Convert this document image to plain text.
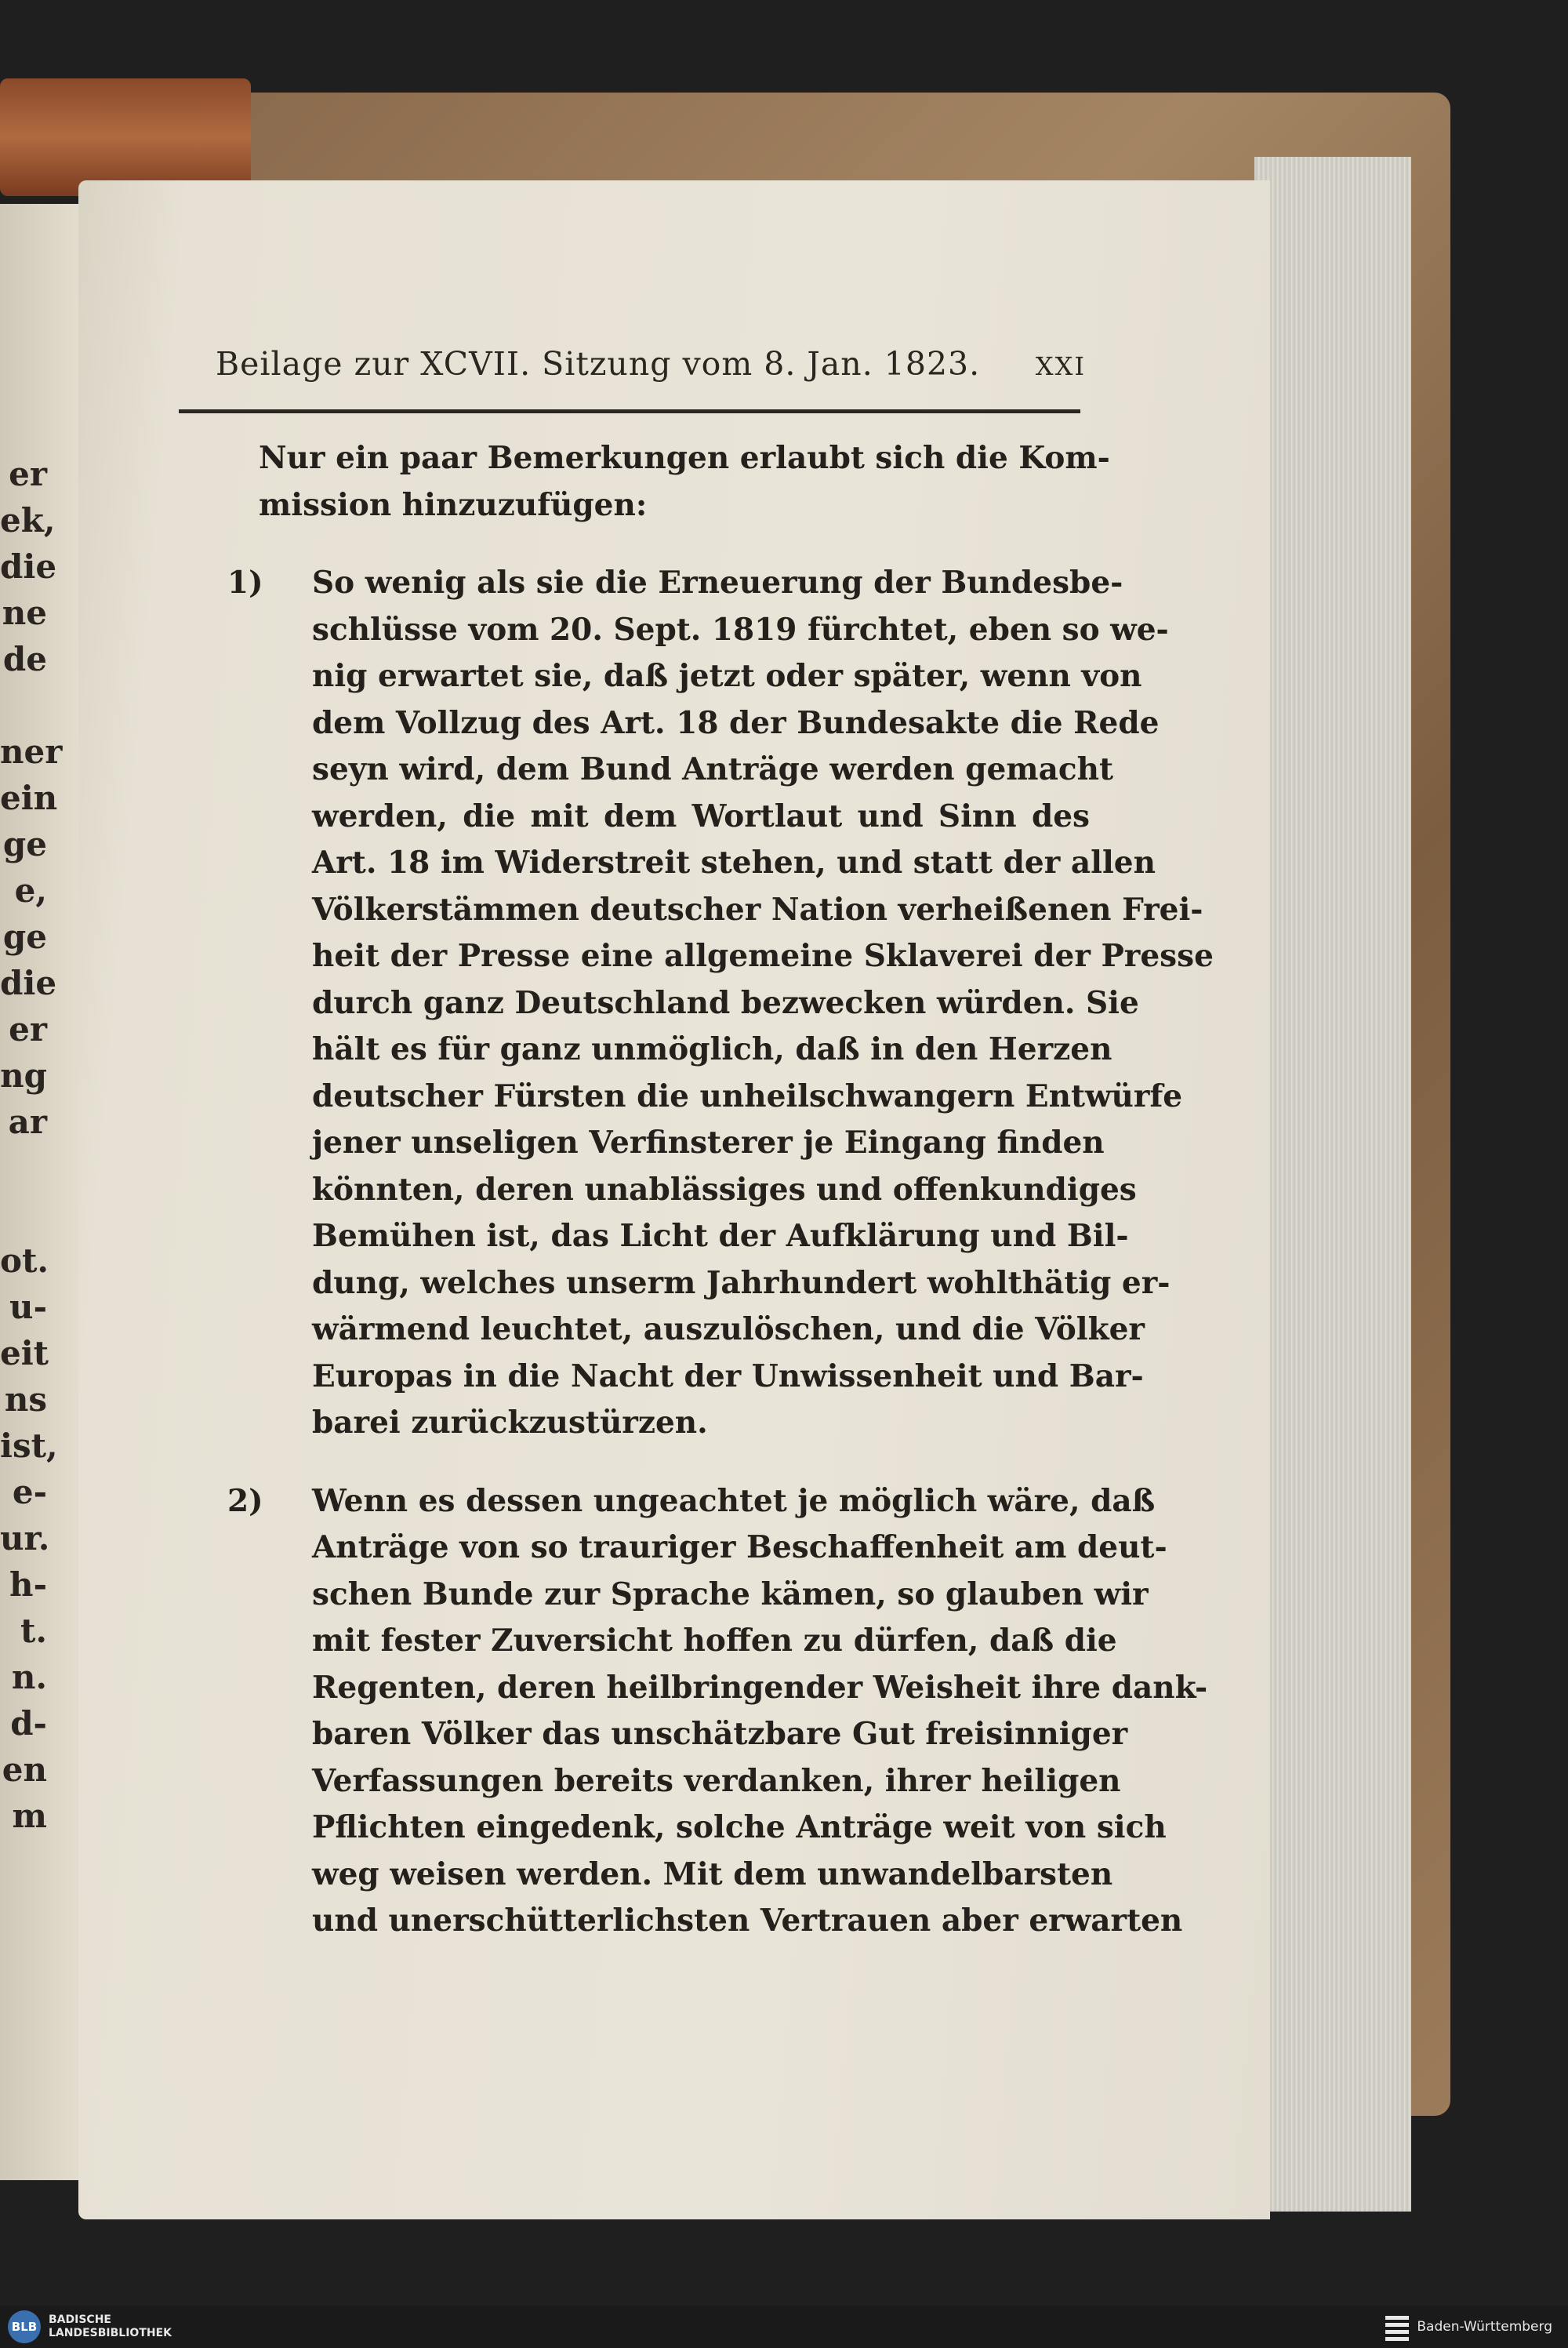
er
ek,
die
ne
de

ner
ein
ge
e,
ge
die
er
ng
ar

ot.
u-
eit
ns
ist,
e-
ur.
h-
t.
n.
d-
en
m
Beilage zur XCVII. Sitzung vom 8. Jan. 1823. XXI
Nur ein paar Bemerkungen erlaubt sich die Kom-
mission hinzuzufügen:
1)	So wenig als sie die Erneuerung der Bundesbe-
schlüsse vom 20. Sept. 1819 fürchtet, eben so we-
nig erwartet sie, daß jetzt oder später, wenn von
dem Vollzug des Art. 18 der Bundesakte die Rede
seyn wird, dem Bund Anträge werden gemacht
werden, die mit dem Wortlaut und Sinn des
Art. 18 im Widerstreit stehen, und statt der allen
Völkerstämmen deutscher Nation verheißenen Frei-
heit der Presse eine allgemeine Sklaverei der Presse
durch ganz Deutschland bezwecken würden. Sie
hält es für ganz unmöglich, daß in den Herzen
deutscher Fürsten die unheilschwangern Entwürfe
jener unseligen Verfinsterer je Eingang finden
könnten, deren unablässiges und offenkundiges
Bemühen ist, das Licht der Aufklärung und Bil-
dung, welches unserm Jahrhundert wohlthätig er-
wärmend leuchtet, auszulöschen, und die Völker
Europas in die Nacht der Unwissenheit und Bar-
barei zurückzustürzen.
2)	Wenn es dessen ungeachtet je möglich wäre, daß
Anträge von so trauriger Beschaffenheit am deut-
schen Bunde zur Sprache kämen, so glauben wir
mit fester Zuversicht hoffen zu dürfen, daß die
Regenten, deren heilbringender Weisheit ihre dank-
baren Völker das unschätzbare Gut freisinniger
Verfassungen bereits verdanken, ihrer heiligen
Pflichten eingedenk, solche Anträge weit von sich
weg weisen werden. Mit dem unwandelbarsten
und unerschütterlichsten Vertrauen aber erwarten
BLB	BADISCHE
LANDESBIBLIOTHEK	Baden-Württemberg
